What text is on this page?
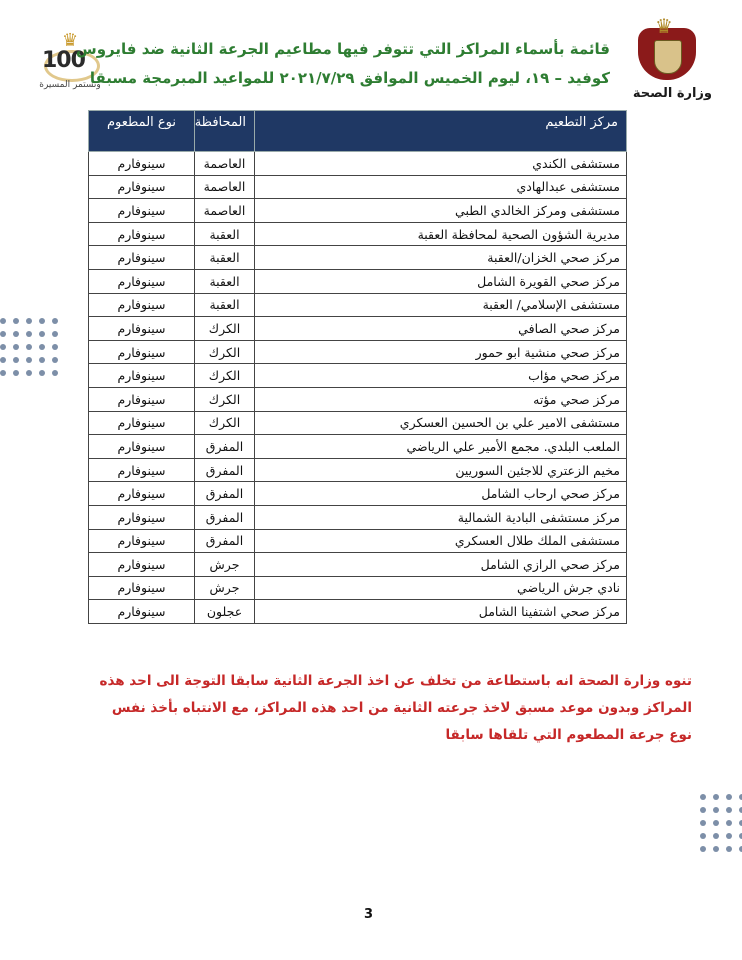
♛
100
وتستمر المسيرة
قائمة بأسماء المراكز التي تتوفر فيها مطاعيم الجرعة الثانية ضد فايروس
كوفيد – ١٩، ليوم الخميس الموافق ٢٠٢١/٧/٢٩ للمواعيد المبرمجة مسبقا
♛
وزارة الصحة
مركز التطعيم	المحافظة	نوع المطعوم
مستشفى الكندي	العاصمة	سينوفارم
مستشفى عبدالهادي	العاصمة	سينوفارم
مستشفى ومركز الخالدي الطبي	العاصمة	سينوفارم
مديرية الشؤون الصحية لمحافظة العقبة	العقبة	سينوفارم
مركز صحي الخزان/العقبة	العقبة	سينوفارم
مركز صحي القويرة الشامل	العقبة	سينوفارم
مستشفى الإسلامي/ العقبة	العقبة	سينوفارم
مركز صحي الصافي	الكرك	سينوفارم
مركز صحي منشية ابو حمور	الكرك	سينوفارم
مركز صحي مؤاب	الكرك	سينوفارم
مركز صحي مؤته	الكرك	سينوفارم
مستشفى الامير علي بن الحسين العسكري	الكرك	سينوفارم
الملعب البلدي. مجمع الأمير علي الرياضي	المفرق	سينوفارم
مخيم الزعتري للاجئين السوريين	المفرق	سينوفارم
مركز صحي ارحاب الشامل	المفرق	سينوفارم
مركز مستشفى البادية الشمالية	المفرق	سينوفارم
مستشفى الملك طلال العسكري	المفرق	سينوفارم
مركز صحي الرازي الشامل	جرش	سينوفارم
نادي جرش الرياضي	جرش	سينوفارم
مركز صحي اشتفينا الشامل	عجلون	سينوفارم
تنوه وزارة الصحة انه باستطاعة من تخلف عن اخذ الجرعة الثانية سابقا التوجة الى احد هذه
المراكز وبدون موعد مسبق لاخذ جرعته الثانية من احد هذه المراكز، مع الانتباه بأخذ نفس
نوع جرعة المطعوم التي تلقاها سابقا
3
